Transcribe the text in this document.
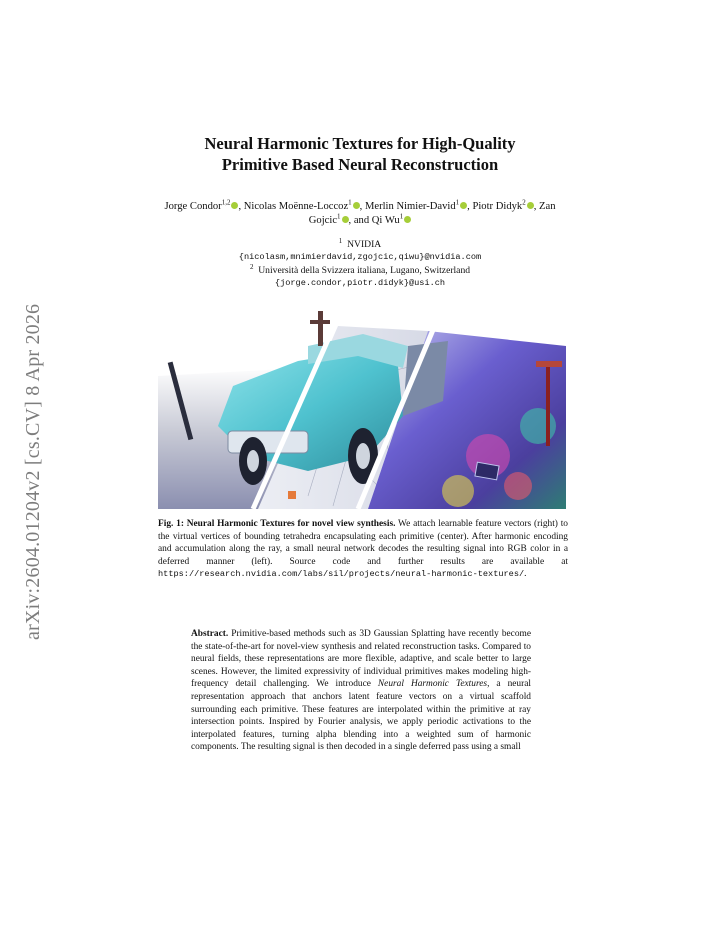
arXiv:2604.01204v2 [cs.CV] 8 Apr 2026
Neural Harmonic Textures for High-Quality
Primitive Based Neural Reconstruction
Jorge Condor$^{1,2}$ , Nicolas Moënne-Loccoz$^1$ , Merlin Nimier-David$^1$ , Piotr Didyk$^2$ , Zan Gojcic$^1$ , and Qi Wu$^1$
$^1$ NVIDIA
{nicolasm,mnimierdavid,zgojcic,qiwu}@nvidia.com
$^2$ Università della Svizzera italiana, Lugano, Switzerland
{jorge.condor,piotr.didyk}@usi.ch
Fig. 1: Neural Harmonic Textures for novel view synthesis. We attach learnable feature vectors (right) to the virtual vertices of bounding tetrahedra encapsulating each primitive (center). After harmonic encoding and accumulation along the ray, a small neural network decodes the resulting signal into RGB color in a deferred manner (left). Source code and further results are available at https://research.nvidia.com/labs/sil/projects/neural-harmonic-textures/.
Abstract. Primitive-based methods such as 3D Gaussian Splatting have recently become the state-of-the-art for novel-view synthesis and related reconstruction tasks. Compared to neural fields, these representations are more flexible, adaptive, and scale better to large scenes. However, the limited expressivity of individual primitives makes modeling high-frequency detail challenging. We introduce Neural Harmonic Textures, a neural representation approach that anchors latent feature vectors on a virtual scaffold surrounding each primitive. These features are interpolated within the primitive at ray intersection points. Inspired by Fourier analysis, we apply periodic activations to the interpolated features, turning alpha blending into a weighted sum of harmonic components. The resulting signal is then decoded in a single deferred pass using a small
